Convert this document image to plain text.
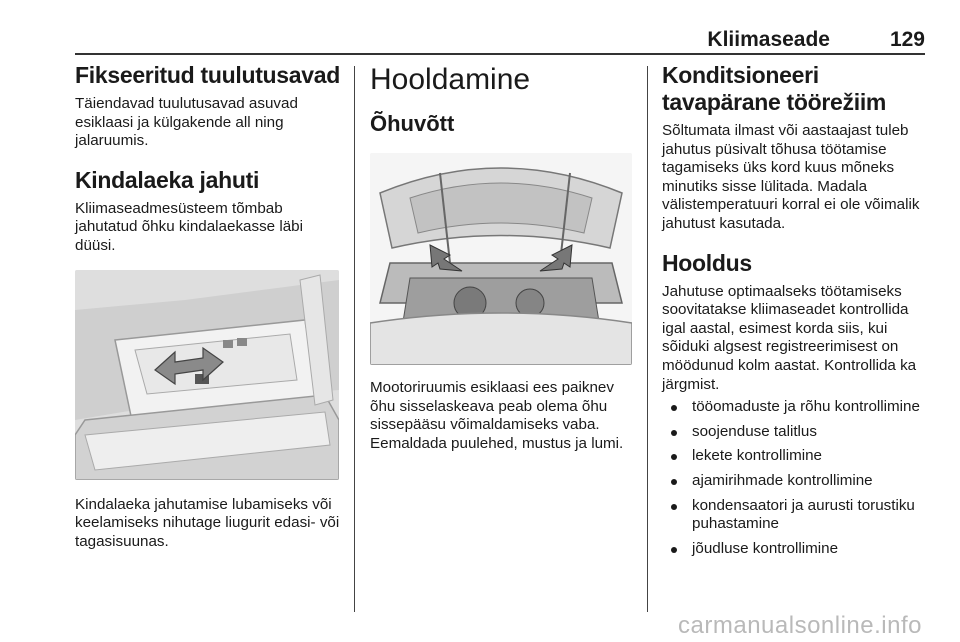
Kliimaseade	129
Fikseeritud tuulutusavad

Täiendavad tuulutusavad asuvad esiklaasi ja külgakende all ning jalaruumis.

Kindalaeka jahuti

Kliimaseadmesüsteem tõmbab jahutatud õhku kindalaekasse läbi düüsi.

Kindalaeka jahutamise lubamiseks või keelamiseks nihutage liugurit edasi- või tagasisuunas.

Hooldamine
Õhuvõtt

Mootoriruumis esiklaasi ees paiknev õhu sisselaskeava peab olema õhu sissepääsu võimaldamiseks vaba. Eemaldada puulehed, mustus ja lumi.

Konditsioneeri tavapärane töörežiim

Sõltumata ilmast või aastaajast tuleb jahutus püsivalt tõhusa töötamise tagamiseks üks kord kuus mõneks minutiks sisse lülitada. Madala välistemperatuuri korral ei ole võimalik jahutust kasutada.

Hooldus

Jahutuse optimaalseks töötamiseks soovitatakse kliimaseadet kontrollida igal aastal, esimest korda siis, kui sõiduki algsest registreerimisest on möödunud kolm aastat. Kontrollida ka järgmist.

tööomaduste ja rõhu kontrollimine
soojenduse talitlus
lekete kontrollimine
ajamirihmade kontrollimine
kondensaatori ja aurusti torustiku puhastamine
jõudluse kontrollimine
carmanualsonline.info
